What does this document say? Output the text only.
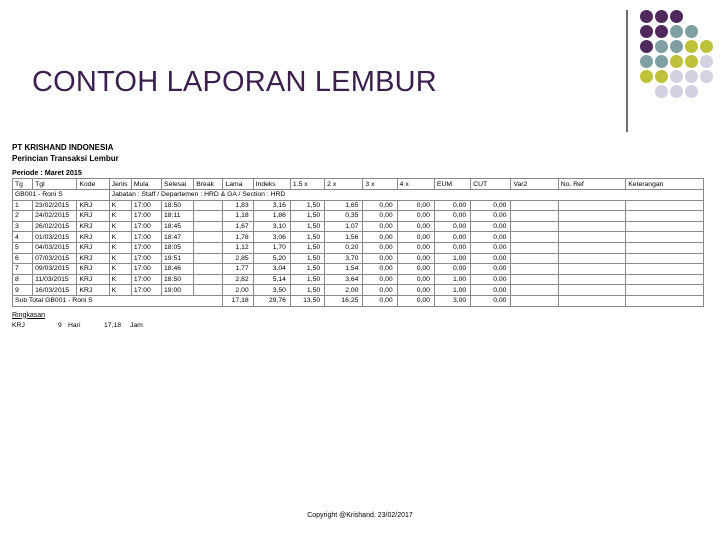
CONTOH LAPORAN LEMBUR
PT KRISHAND INDONESIA
Perincian Transaksi Lembur
Periode : Maret 2015
Tg	Tgl	Kode	Jenis	Mula	Selesai	Break	Lama	Indeks	1.5 x	2 x	3 x	4 x	EUM	CUT	Var2	No. Ref	Keterangan
GB001 - Roni S			Jabatan : Staff / Departemen : HRD & GA / Section : HRD														
1	23/02/2015	KRJ	K	17:00	18:50		1,83	3,16	1,50	1,65	0,00	0,00	0,00	0,00			
2	24/02/2015	KRJ	K	17:00	18:11		1,18	1,86	1,50	0,35	0,00	0,00	0,00	0,00			
3	26/02/2015	KRJ	K	17:00	18:45		1,67	3,10	1,50	1,07	0,00	0,00	0,00	0,00			
4	01/03/2015	KRJ	K	17:00	18:47		1,78	3,06	1,50	1,56	0,00	0,00	0,00	0,00			
5	04/03/2015	KRJ	K	17:00	18:05		1,12	1,70	1,50	0,20	0,00	0,00	0,00	0,00			
6	07/03/2015	KRJ	K	17:00	19:51		2,85	5,20	1,50	3,70	0,00	0,00	1,00	0,00			
7	09/03/2015	KRJ	K	17:00	18:46		1,77	3,04	1,50	1,54	0,00	0,00	0,00	0,00			
8	11/03/2015	KRJ	K	17:00	18:50		2,82	5,14	1,50	3,64	0,00	0,00	1,00	0,00			
9	16/03/2015	KRJ	K	17:00	19:00		2,00	3,50	1,50	2,00	0,00	0,00	1,00	0,00			
Sub Total GB001 - Roni S							17,18	29,76	13,50	16,25	0,00	0,00	3,00	0,00			
Ringkasan
KRJ	9 Hari	17,18 Jam
Copyright @Krishand. 23/02/2017
